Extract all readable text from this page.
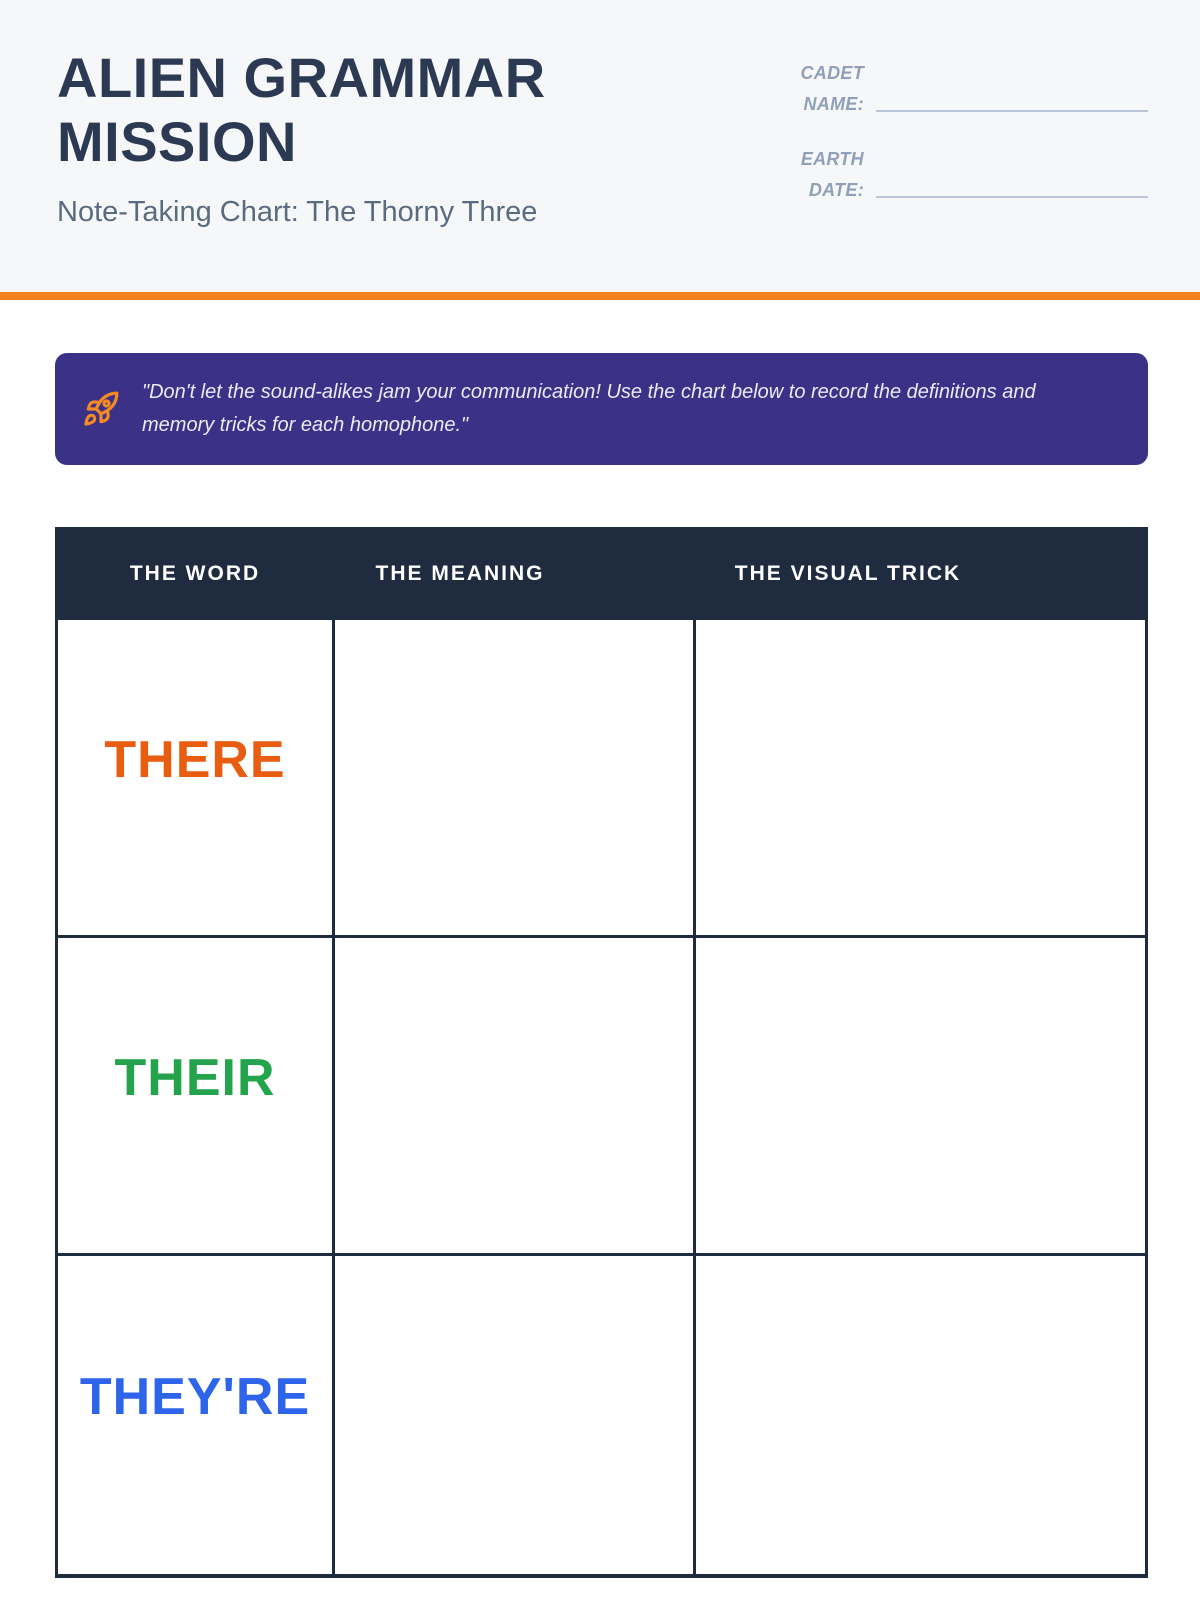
ALIEN GRAMMAR MISSION
Note-Taking Chart: The Thorny Three
CADET NAME:
EARTH DATE:
"Don't let the sound-alikes jam your communication! Use the chart below to record the definitions and memory tricks for each homophone."
THE WORD	THE MEANING	THE VISUAL TRICK
THERE
THEIR
THEY'RE
